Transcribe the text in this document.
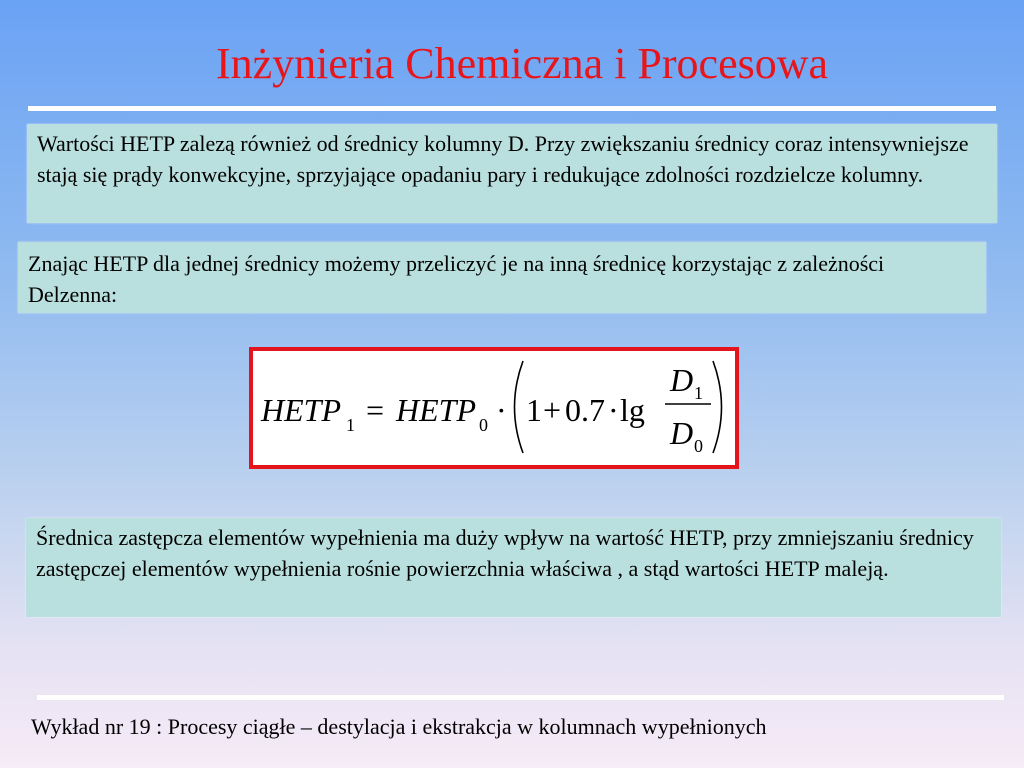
Inżynieria Chemiczna i Procesowa
Wartości HETP zalezą również od średnicy kolumny D. Przy zwiększaniu średnicy coraz intensywniejsze stają się prądy konwekcyjne, sprzyjające opadaniu pary i redukujące zdolności rozdzielcze kolumny.
Znając HETP dla jednej średnicy możemy przeliczyć je na inną średnicę korzystając z zależności Delzenna:
HETP 1 = HETP 0 · 1 + 0.7 · lg
D 1
D 0
Średnica zastępcza elementów wypełnienia ma duży wpływ na wartość HETP, przy zmniejszaniu średnicy zastępczej elementów wypełnienia rośnie powierzchnia właściwa , a stąd wartości HETP maleją.
Wykład nr 19 : Procesy ciągłe – destylacja i ekstrakcja w kolumnach wypełnionych
